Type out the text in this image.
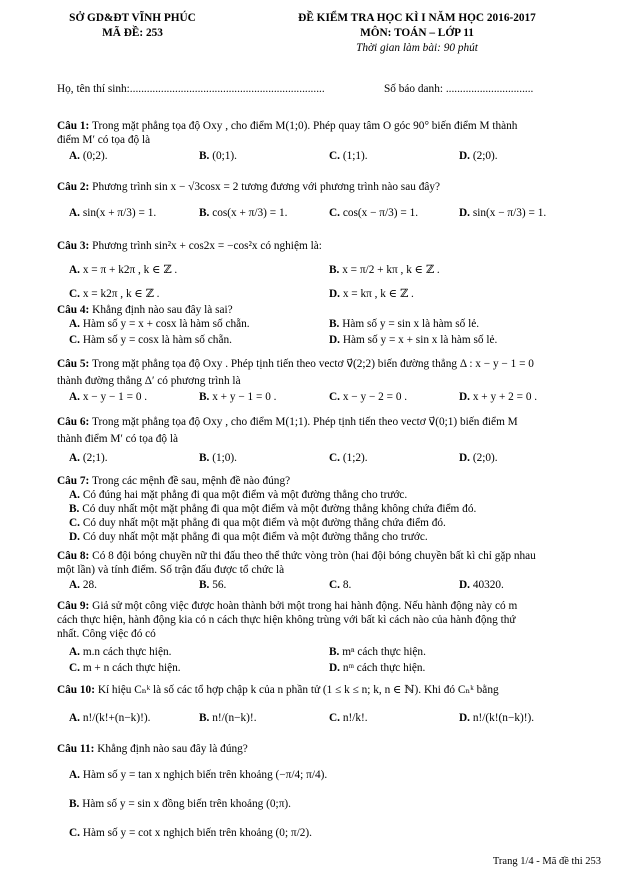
SỞ GD&ĐT VĨNH PHÚC
MÃ ĐỀ: 253
ĐỀ KIỂM TRA HỌC KÌ I NĂM HỌC 2016-2017
MÔN: TOÁN – LỚP 11
Thời gian làm bài: 90 phút
Họ, tên thí sinh:.....................................................................	Số báo danh: ...............................
Câu 1: Trong mặt phẳng tọa độ Oxy , cho điểm M(1;0). Phép quay tâm O góc 90° biến điểm M thành
điểm M′ có tọa độ là
A. (0;2).	B. (0;1).	C. (1;1).	D. (2;0).
Câu 2: Phương trình sin x − √3cosx = 2 tương đương với phương trình nào sau đây?
A. sin(x + π/3) = 1.	B. cos(x + π/3) = 1.	C. cos(x − π/3) = 1.	D. sin(x − π/3) = 1.
Câu 3: Phương trình sin²x + cos2x = −cos²x có nghiệm là:
A. x = π + k2π , k ∈ ℤ .	B. x = π/2 + kπ , k ∈ ℤ .
C. x = k2π , k ∈ ℤ .	D. x = kπ , k ∈ ℤ .
Câu 4: Khẳng định nào sau đây là sai?
A. Hàm số y = x + cosx là hàm số chẵn.	B. Hàm số y = sin x là hàm số lẻ.
C. Hàm số y = cosx là hàm số chẵn.	D. Hàm số y = x + sin x là hàm số lẻ.
Câu 5: Trong mặt phẳng tọa độ Oxy . Phép tịnh tiến theo vectơ v⃗(2;2) biến đường thẳng Δ : x − y − 1 = 0
thành đường thẳng Δ′ có phương trình là
A. x − y − 1 = 0 .	B. x + y − 1 = 0 .	C. x − y − 2 = 0 .	D. x + y + 2 = 0 .
Câu 6: Trong mặt phẳng tọa độ Oxy , cho điểm M(1;1). Phép tịnh tiến theo vectơ v⃗(0;1) biến điểm M
thành điểm M′ có tọa độ là
A. (2;1).	B. (1;0).	C. (1;2).	D. (2;0).
Câu 7: Trong các mệnh đề sau, mệnh đề nào đúng?
A. Có đúng hai mặt phẳng đi qua một điểm và một đường thẳng cho trước.
B. Có duy nhất một mặt phẳng đi qua một điểm và một đường thẳng không chứa điểm đó.
C. Có duy nhất một mặt phẳng đi qua một điểm và một đường thẳng chứa điểm đó.
D. Có duy nhất một mặt phẳng đi qua một điểm và một đường thẳng cho trước.
Câu 8: Có 8 đội bóng chuyền nữ thi đấu theo thể thức vòng tròn (hai đội bóng chuyền bất kì chỉ gặp nhau
một lần) và tính điểm. Số trận đấu được tổ chức là
A. 28.	B. 56.	C. 8.	D. 40320.
Câu 9: Giả sử một công việc được hoàn thành bởi một trong hai hành động. Nếu hành động này có m
cách thực hiện, hành động kia có n cách thực hiện không trùng với bất kì cách nào của hành động thứ
nhất. Công việc đó có
A. m.n cách thực hiện.	B. mⁿ cách thực hiện.
C. m + n cách thực hiện.	D. nᵐ cách thực hiện.
Câu 10: Kí hiệu Cₙᵏ là số các tổ hợp chập k của n phần tử (1 ≤ k ≤ n; k, n ∈ ℕ). Khi đó Cₙᵏ bằng
A. n!/(k!+(n−k)!).	B. n!/(n−k)!.	C. n!/k!.	D. n!/(k!(n−k)!).
Câu 11: Khẳng định nào sau đây là đúng?
A. Hàm số y = tan x nghịch biến trên khoảng (−π/4; π/4).
B. Hàm số y = sin x đồng biến trên khoảng (0;π).
C. Hàm số y = cot x nghịch biến trên khoảng (0; π/2).
Trang 1/4 - Mã đề thi 253
